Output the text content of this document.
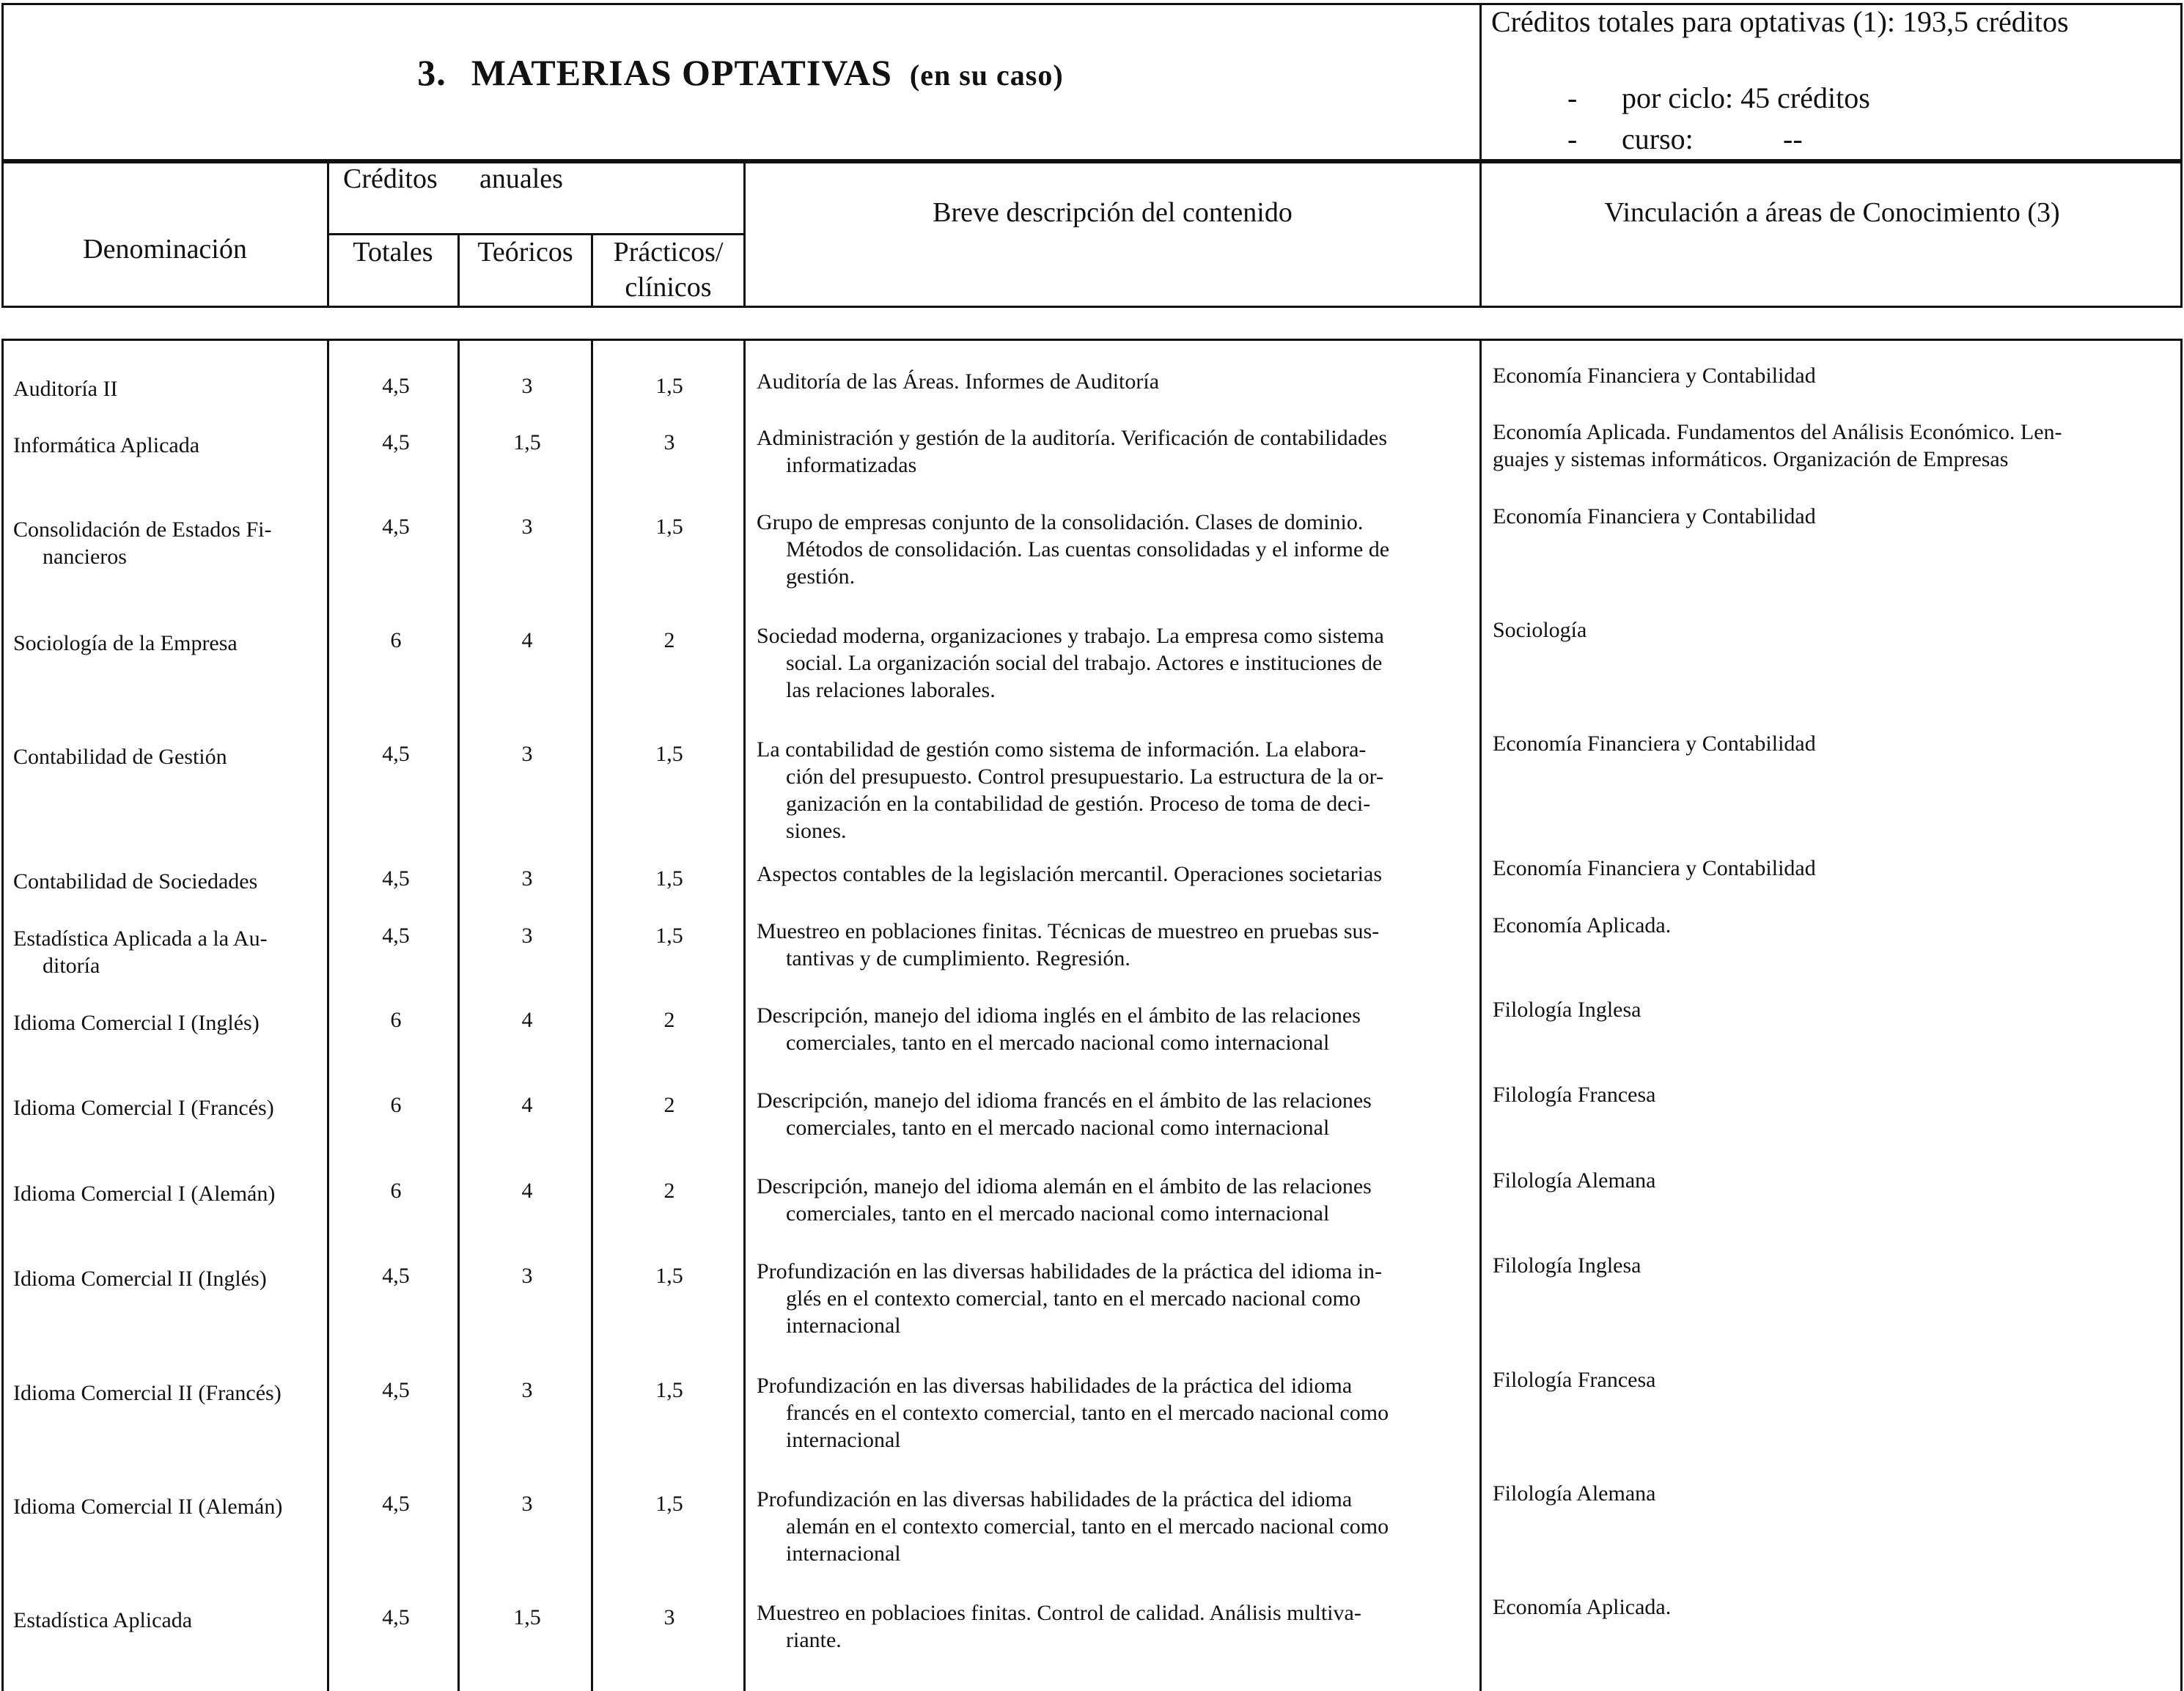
3. MATERIAS OPTATIVAS (en su caso)
Créditos totales para optativas (1): 193,5 créditos
- por ciclo: 45 créditos
- curso:	--
Denominación
Créditos anuales
Totales	Teóricos	Prácticos/
clínicos
Breve descripción del contenido	Vinculación a áreas de Conocimiento (3)
Auditoría II	4,5	3	1,5	Auditoría de las Áreas. Informes de Auditoría	Economía Financiera y Contabilidad
Informática Aplicada	4,5	1,5	3	Administración y gestión de la auditoría. Verificación de contabilidades
informatizadas
Economía Aplicada. Fundamentos del Análisis Económico. Len-
guajes y sistemas informáticos. Organización de Empresas
Consolidación de Estados Fi-
nancieros
4,5	3	1,5	Grupo de empresas conjunto de la consolidación. Clases de dominio.
Métodos de consolidación. Las cuentas consolidadas y el informe de
gestión.
Economía Financiera y Contabilidad
Sociología de la Empresa	6	4	2	Sociedad moderna, organizaciones y trabajo. La empresa como sistema
social. La organización social del trabajo. Actores e instituciones de
las relaciones laborales.
Sociología
Contabilidad de Gestión	4,5	3	1,5	La contabilidad de gestión como sistema de información. La elabora-
ción del presupuesto. Control presupuestario. La estructura de la or-
ganización en la contabilidad de gestión. Proceso de toma de deci-
siones.
Economía Financiera y Contabilidad
Contabilidad de Sociedades	4,5	3	1,5	Aspectos contables de la legislación mercantil. Operaciones societarias	Economía Financiera y Contabilidad
Estadística Aplicada a la Au-
ditoría
4,5	3	1,5	Muestreo en poblaciones finitas. Técnicas de muestreo en pruebas sus-
tantivas y de cumplimiento. Regresión.
Economía Aplicada.
Idioma Comercial I (Inglés)	6	4	2	Descripción, manejo del idioma inglés en el ámbito de las relaciones
comerciales, tanto en el mercado nacional como internacional
Filología Inglesa
Idioma Comercial I (Francés)	6	4	2	Descripción, manejo del idioma francés en el ámbito de las relaciones
comerciales, tanto en el mercado nacional como internacional
Filología Francesa
Idioma Comercial I (Alemán)	6	4	2	Descripción, manejo del idioma alemán en el ámbito de las relaciones
comerciales, tanto en el mercado nacional como internacional
Filología Alemana
Idioma Comercial II (Inglés)	4,5	3	1,5	Profundización en las diversas habilidades de la práctica del idioma in-
glés en el contexto comercial, tanto en el mercado nacional como
internacional
Filología Inglesa
Idioma Comercial II (Francés)	4,5	3	1,5	Profundización en las diversas habilidades de la práctica del idioma
francés en el contexto comercial, tanto en el mercado nacional como
internacional
Filología Francesa
Idioma Comercial II (Alemán)	4,5	3	1,5	Profundización en las diversas habilidades de la práctica del idioma
alemán en el contexto comercial, tanto en el mercado nacional como
internacional
Filología Alemana
Estadística Aplicada	4,5	1,5	3	Muestreo en poblacioes finitas. Control de calidad. Análisis multiva-
riante.
Economía Aplicada.
